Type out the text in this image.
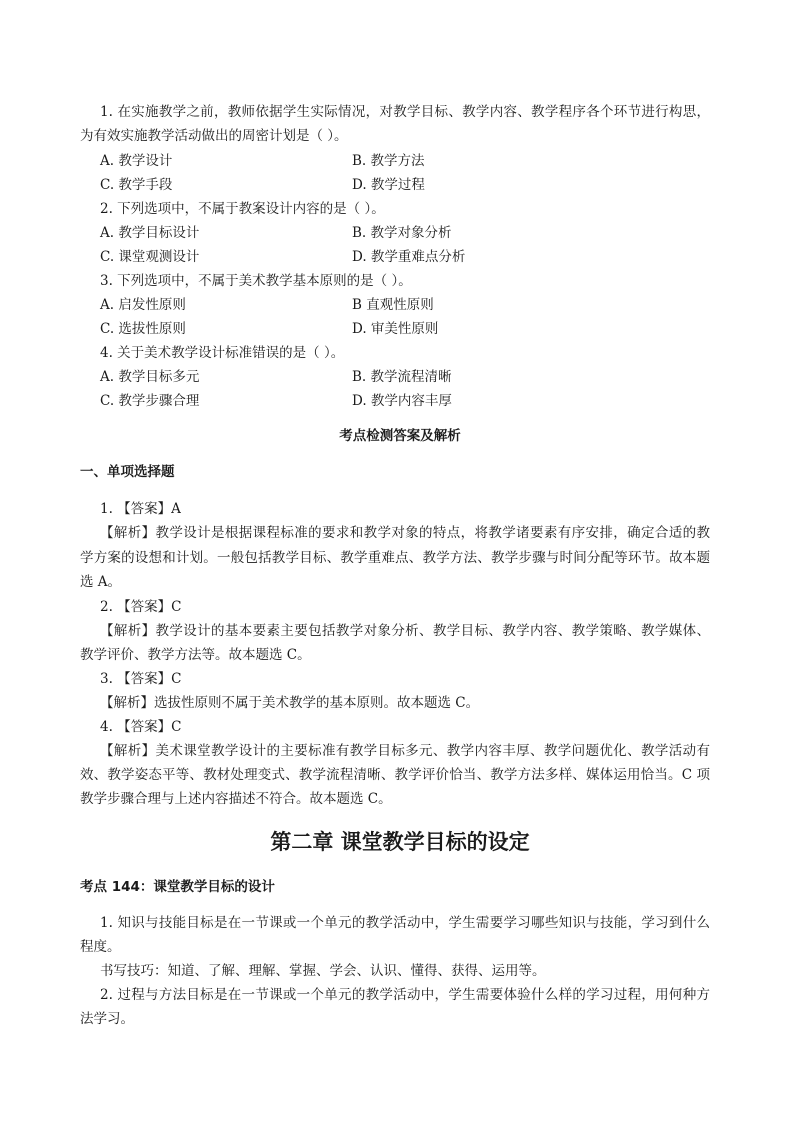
1. 在实施教学之前，教师依据学生实际情况，对教学目标、教学内容、教学程序各个环节进行构思，
为有效实施教学活动做出的周密计划是（ ）。
A. 教学设计	B. 教学方法
C. 教学手段	D. 教学过程
2. 下列选项中，不属于教案设计内容的是（ ）。
A. 教学目标设计	B. 教学对象分析
C. 课堂观测设计	D. 教学重难点分析
3. 下列选项中，不属于美术教学基本原则的是（ ）。
A. 启发性原则	B 直观性原则
C. 选拔性原则	D. 审美性原则
4. 关于美术教学设计标准错误的是（ ）。
A. 教学目标多元	B. 教学流程清晰
C. 教学步骤合理	D. 教学内容丰厚
考点检测答案及解析
一、单项选择题
1. 【答案】A
【解析】教学设计是根据课程标准的要求和教学对象的特点，将教学诸要素有序安排，确定合适的教
学方案的设想和计划。一般包括教学目标、教学重难点、教学方法、教学步骤与时间分配等环节。故本题
选 A。
2. 【答案】C
【解析】教学设计的基本要素主要包括教学对象分析、教学目标、教学内容、教学策略、教学媒体、
教学评价、教学方法等。故本题选 C。
3. 【答案】C
【解析】选拔性原则不属于美术教学的基本原则。故本题选 C。
4. 【答案】C
【解析】美术课堂教学设计的主要标准有教学目标多元、教学内容丰厚、教学问题优化、教学活动有
效、教学姿态平等、教材处理变式、教学流程清晰、教学评价恰当、教学方法多样、媒体运用恰当。C 项
教学步骤合理与上述内容描述不符合。故本题选 C。
第二章 课堂教学目标的设定
考点 144：课堂教学目标的设计
1. 知识与技能目标是在一节课或一个单元的教学活动中，学生需要学习哪些知识与技能，学习到什么
程度。
书写技巧：知道、了解、理解、掌握、学会、认识、懂得、获得、运用等。
2. 过程与方法目标是在一节课或一个单元的教学活动中，学生需要体验什么样的学习过程，用何种方
法学习。
